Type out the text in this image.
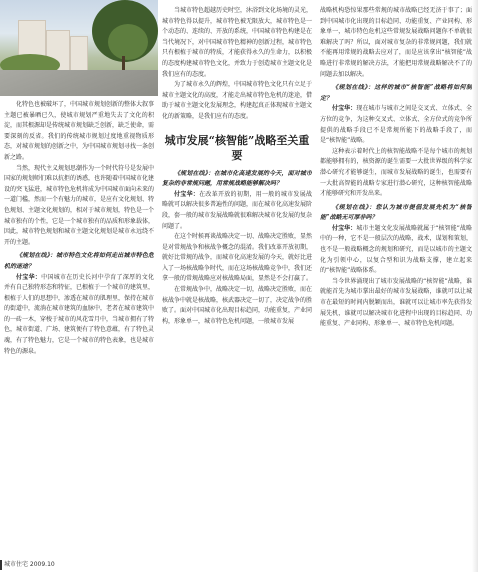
化特色也被破坏了，中国城市规划创新的整体大叙事主题已被暴晒已久，使城市规划严重地失去了文化的积淀，而其根源却是传统城市规划缺乏创新，缺乏使命，需要深刻的反省。我们的传统城市规划过度地重视物质形态，对城市规划的创新之中，为中国城市规划寻找一条创新之路。

当然，现代主义规划思潮作为一个时代符号是发展中国家的规划师们难以抗拒的诱惑，也许随着中国城市化建设的突飞猛进，城市特色危机将成为中国城市面向未来的一道门槛，然而一个有魅力的城市，是应有文化规划、特色规划、主题文化规划的，相对于城市规划，特色是一个城市独有的个性，它是一个城市独有的品质和形象载体，因此，城市特色规划和城市主题文化规划是城市永远绕不开的主题。

《规划在线》：城市特色文化将如何走出城市特色危机的迷途？

付宝华：中国城市在历史长河中孕育了深厚的文化并有自己独特形态和特征，已根植于一个城市的建筑里，根植于人们的思想中，渗透在城市的肌理里，保持在城市的街道中，流淌在城市建筑的血脉中，老者在城市建筑中的一砖一木，穿梭于城市的风花雪月中，当城市拥有了特色，城市街道、广场、建筑便有了特色意蕴，有了特色灵魂，有了特色魅力，它是一个城市的特色表象，也是城市特色的源泉。

当城市特色超越历史时空，沐浴到文化场境的灵光，城市特色得以提升，城市特色被无限放大，城市特色是一个动态的、连续的、开放的系统，中国城市特色构建是在当代境况下，对中国城市特色精神的创新过程，城市特色只有根植于城市的特质，才能获得永久的生命力，以积极的态度构建城市特色文化，并致力于创造城市主题文化是我们应有的态度。

为了城市永久的辉煌，中国城市特色文化只有立足于城市主题文化的高度，才能走出城市特色危机的迷途，借助于城市主题文化发展理念，构建起真正体现城市主题文化的新策略，是我们应有的态度。

城市发展“核智能”战略至关重要

《规划在线》：在城市化高速发展的今天，面对城市复杂的非常规问题，用常规战略能够解决吗？

付宝华：在改革开放的初期，用一般的城市发展战略就可以解决很多普遍性的问题，而在城市化高速发展阶段，套一般的城市发展战略就很难解决城市化发展的复杂问题了。

在这个时候再谈战略决定一切、战略决定胜败，显然是对常规战争和核战争概念的混淆。我们改革开放初期，就好比常规的战争，而城市化高速发展的今天，就好比进入了一场核战略争时代，而在这场核战略竞争中，我们还拿一般的常规战略应对核战略局面，显然是不会打赢了。

在常规战争中，战略决定一切，战略决定胜败，而在核战争中就是核战略，核武器决定一切了，决定战争的胜败了。面对中国城市化出现目标趋同，功能重复，产业同构，形象单一，城市特色危机问题，一般城市发展

战略机构恐惊果那些常规的城市战略已经无济于事了；面到中国城市化出现的目标趋同、功能重复、产业同构、形象单一，城市特色危机这些常规发展战略问题你不单就很难解决了吗？所以，面对城市复杂的非常规问题，我们就不能再用常规的战略去应对了，而是应该拿出“核智能”战略进行非常规的解决方法，才能把用常规战略解决不了的问题去加以解决。

《规划在线》：这样的城市“核智能”战略将如何制定？

付宝华：现在城市与城市之间是交叉式、立体式、全方位的竞争，为这种交叉式、立体式、全方位式的竞争所提供的战略手段已不是常规所能下的战略手段了，而是“核智能”战略。

这种表示着时代上的核智能战略不是每个城市的规划都能够拥有的，核资源的诞生需要一大批世界级的科学家潜心研究才能够诞生，而城市发展战略的诞生，也需要有一大批高智能的战略专家进行潜心研究，这种核智能战略才能够研究和开发出来。

《规划在线》：您认为城市提倡发展先机为“核智能”战略无可厚非吗？

付宝华：城市主题文化发展战略就属于“核智能”战略中的一种，它不是一般层次的战略，战术，谋划和策划，也不是一般战略概念的规划和研究，而是以城市的主题文化为引领中心，以复合型和识为战略支撑，建立起来的“核智能”战略体系。

当今世界涌现出了城市发展战略的“核智能”战略，谁就能首先为城市掌出最好的城市发展战略，谁就可以让城市在最短的时间内脱颖而出，谁就可以让城市率先获得发展先机，谁就可以解决城市化进程中出现的目标趋同、功能重复、产业同构、形象单一、城市特色危机问题。

城市住宅 2009.10
